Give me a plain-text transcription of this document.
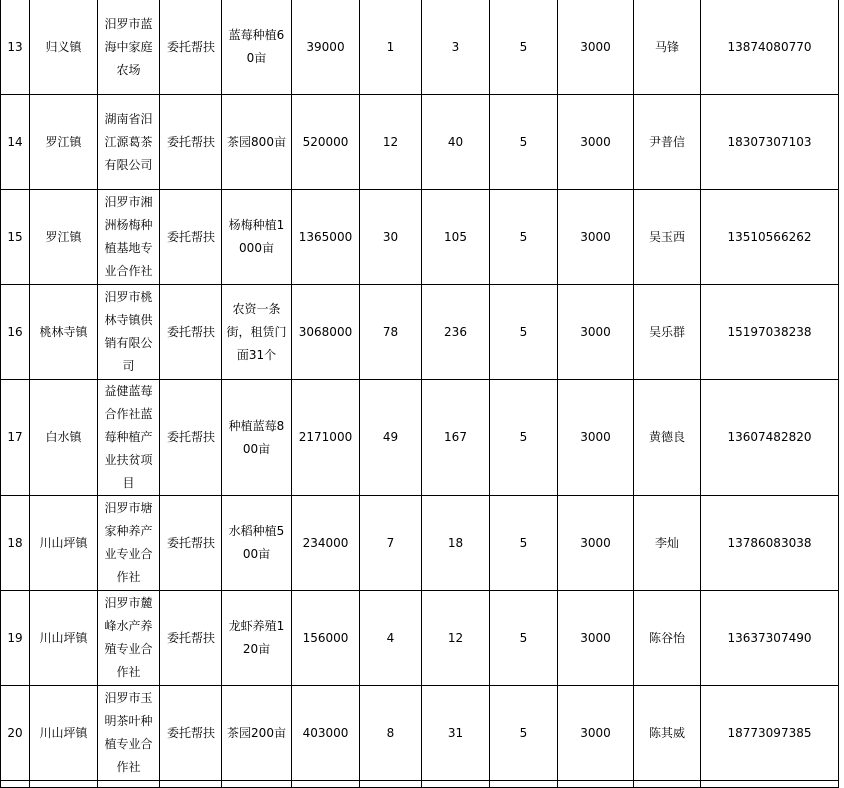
13	归义镇	汨罗市蓝海中家庭农场	委托帮扶	蓝莓种植60亩	39000	1	3	5	3000	马锋	13874080770
14	罗江镇	湖南省汨江源葛茶有限公司	委托帮扶	茶园800亩	520000	12	40	5	3000	尹普信	18307307103
15	罗江镇	汨罗市湘洲杨梅种植基地专业合作社	委托帮扶	杨梅种植1000亩	1365000	30	105	5	3000	吴玉西	13510566262
16	桃林寺镇	汨罗市桃林寺镇供销有限公司	委托帮扶	农资一条街，租赁门面31个	3068000	78	236	5	3000	吴乐群	15197038238
17	白水镇	益健蓝莓合作社蓝莓种植产业扶贫项目	委托帮扶	种植蓝莓800亩	2171000	49	167	5	3000	黄德良	13607482820
18	川山坪镇	汨罗市塘家种养产业专业合作社	委托帮扶	水稻种植500亩	234000	7	18	5	3000	李灿	13786083038
19	川山坪镇	汨罗市麓峰水产养殖专业合作社	委托帮扶	龙虾养殖120亩	156000	4	12	5	3000	陈谷怡	13637307490
20	川山坪镇	汨罗市玉明茶叶种植专业合作社	委托帮扶	茶园200亩	403000	8	31	5	3000	陈其威	18773097385
